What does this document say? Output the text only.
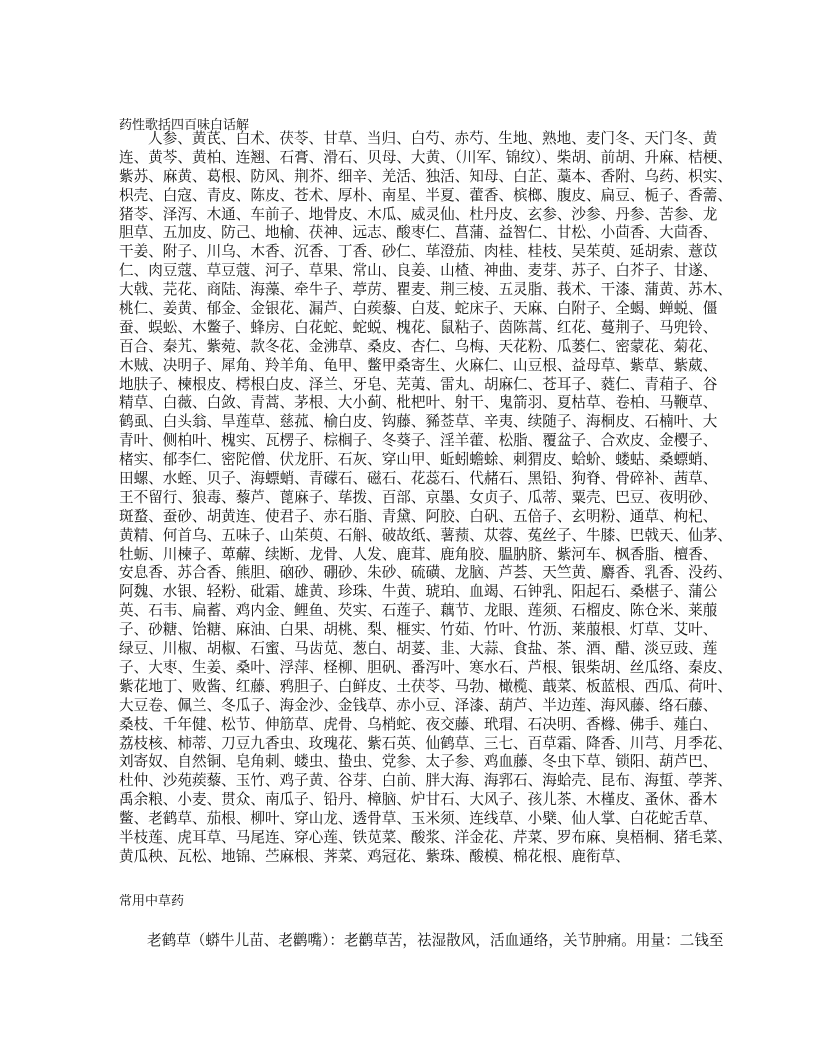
药性歌括四百味白话解
人参、黄芪、白术、茯苓、甘草、当归、白芍、赤芍、生地、熟地、麦门冬、天门冬、黄
连、黄芩、黄柏、连翘、石膏、滑石、贝母、大黄、（川军、锦纹）、柴胡、前胡、升麻、桔梗、
紫苏、麻黄、葛根、防风、荆芥、细辛、羌活、独活、知母、白芷、藁本、香附、乌药、枳实、
枳壳、白寇、青皮、陈皮、苍术、厚朴、南星、半夏、藿香、槟榔、腹皮、扁豆、栀子、香薷、
猪苓、泽泻、木通、车前子、地骨皮、木瓜、威灵仙、杜丹皮、玄参、沙参、丹参、苦参、龙
胆草、五加皮、防己、地榆、茯神、远志、酸枣仁、菖蒲、益智仁、甘松、小茴香、大茴香、
干姜、附子、川乌、木香、沉香、丁香、砂仁、荜澄茄、肉桂、桂枝、吴茱萸、延胡索、薏苡
仁、肉豆蔻、草豆蔻、河子、草果、常山、良姜、山楂、神曲、麦芽、苏子、白芥子、甘遂、
大戟、芫花、商陆、海藻、牵牛子、葶苈、瞿麦、荆三棱、五灵脂、莪术、干漆、蒲黄、苏木、
桃仁、姜黄、郁金、金银花、漏芦、白蒺藜、白芨、蛇床子、天麻、白附子、全蝎、蝉蜕、僵
蚕、蜈蚣、木鳖子、蜂房、白花蛇、蛇蜕、槐花、鼠粘子、茵陈蒿、红花、蔓荆子、马兜铃、
百合、秦艽、紫菀、款冬花、金沸草、桑皮、杏仁、乌梅、天花粉、瓜蒌仁、密蒙花、菊花、
木贼、决明子、犀角、羚羊角、龟甲、鳖甲桑寄生、火麻仁、山豆根、益母草、紫草、紫葳、
地肤子、楝根皮、樗根白皮、泽兰、牙皂、芜荑、雷丸、胡麻仁、苍耳子、蕤仁、青葙子、谷
精草、白薇、白敛、青蒿、茅根、大小蓟、枇杷叶、射干、鬼箭羽、夏枯草、卷柏、马鞭草、
鹤虱、白头翁、旱莲草、慈菰、榆白皮、钩藤、豨莶草、辛夷、续随子、海桐皮、石楠叶、大
青叶、侧柏叶、槐实、瓦楞子、棕榈子、冬葵子、淫羊藿、松脂、覆盆子、合欢皮、金樱子、
楮实、郁李仁、密陀僧、伏龙肝、石灰、穿山甲、蚯蚓蟾蜍、刺猬皮、蛤蚧、蝼蛄、桑螵蛸、
田螺、水蛭、贝子、海螵蛸、青礞石、磁石、花蕊石、代赭石、黑铅、狗脊、骨碎补、茜草、
王不留行、狼毒、藜芦、蓖麻子、荜拨、百部、京墨、女贞子、瓜蒂、粟壳、巴豆、夜明砂、
斑蝥、蚕砂、胡黄连、使君子、赤石脂、青黛、阿胶、白矾、五倍子、玄明粉、通草、枸杞、
黄精、何首乌、五味子、山茱萸、石斛、破故纸、薯蓣、苁蓉、菟丝子、牛膝、巴戟天、仙茅、
牡蛎、川楝子、萆薢、续断、龙骨、人发、鹿茸、鹿角胶、腽肭脐、紫河车、枫香脂、檀香、
安息香、苏合香、熊胆、硇砂、硼砂、朱砂、硫磺、龙脑、芦荟、天竺黄、麝香、乳香、没药、
阿魏、水银、轻粉、砒霜、雄黄、珍珠、牛黄、琥珀、血竭、石钟乳、阳起石、桑椹子、蒲公
英、石韦、扁蓄、鸡内金、鲤鱼、芡实、石莲子、藕节、龙眼、莲须、石榴皮、陈仓米、莱菔
子、砂糖、饴糖、麻油、白果、胡桃、梨、榧实、竹茹、竹叶、竹沥、莱菔根、灯草、艾叶、
绿豆、川椒、胡椒、石蜜、马齿苋、葱白、胡荽、韭、大蒜、食盐、茶、酒、醋、淡豆豉、莲
子、大枣、生姜、桑叶、浮萍、柽柳、胆矾、番泻叶、寒水石、芦根、银柴胡、丝瓜络、秦皮、
紫花地丁、败酱、红藤、鸦胆子、白鲜皮、土茯苓、马勃、橄榄、蕺菜、板蓝根、西瓜、荷叶、
大豆卷、佩兰、冬瓜子、海金沙、金钱草、赤小豆、泽漆、葫芦、半边莲、海风藤、络石藤、
桑枝、千年健、松节、伸筋草、虎骨、乌梢蛇、夜交藤、玳瑁、石决明、香橼、佛手、薤白、
荔枝核、柿蒂、刀豆九香虫、玫瑰花、紫石英、仙鹤草、三七、百草霜、降香、川芎、月季花、
刘寄奴、自然铜、皂角刺、蝼虫、蛰虫、党参、太子参、鸡血藤、冬虫下草、锁阳、葫芦巴、
杜仲、沙苑蒺藜、玉竹、鸡子黄、谷芽、白前、胖大海、海郛石、海蛤壳、昆布、海蜇、荸荠、
禹余粮、小麦、贯众、南瓜子、铅丹、樟脑、炉甘石、大风子、孩儿茶、木槿皮、蚤休、番木
鳖、老鹤草、茄根、柳叶、穿山龙、透骨草、玉米须、连线草、小檗、仙人掌、白花蛇舌草、
半枝莲、虎耳草、马尾连、穿心莲、铁苋菜、酸浆、洋金花、芹菜、罗布麻、臭梧桐、猪毛菜、
黄瓜秧、瓦松、地锦、苎麻根、荠菜、鸡冠花、紫珠、酸模、棉花根、鹿衔草、
常用中草药
老鹤草（蟒牛儿苗、老鹳嘴）：老鹳草苦，祛湿散风，活血通络，关节肿痛。用量：二钱至
